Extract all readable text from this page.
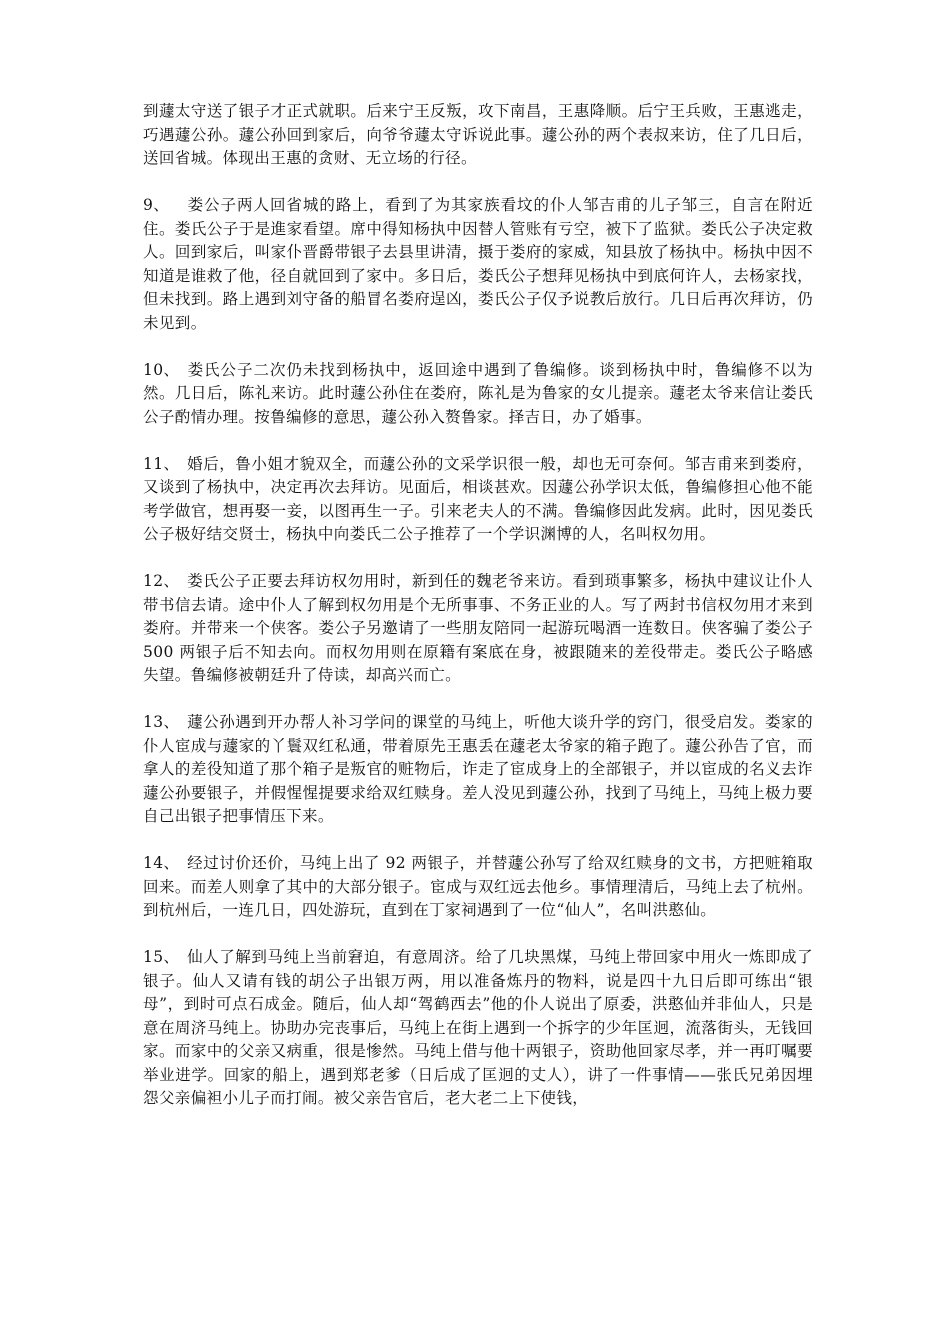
到蘧太守送了银子才正式就职。后来宁王反叛，攻下南昌，王惠降顺。后宁王兵败，王惠逃走，巧遇蘧公孙。蘧公孙回到家后，向爷爷蘧太守诉说此事。蘧公孙的两个表叔来访，住了几日后，送回省城。体现出王惠的贪财、无立场的行径。

9、 娄公子两人回省城的路上，看到了为其家族看坟的仆人邹吉甫的儿子邹三，自言在附近住。娄氏公子于是進家看望。席中得知杨执中因替人管账有亏空，被下了监狱。娄氏公子决定救人。回到家后，叫家仆晋爵带银子去县里讲清，摄于娄府的家威，知县放了杨执中。杨执中因不知道是谁救了他，径自就回到了家中。多日后，娄氏公子想拜见杨执中到底何许人，去杨家找，但未找到。路上遇到刘守备的船冒名娄府逞凶，娄氏公子仅予说教后放行。几日后再次拜访，仍未见到。

10、 娄氏公子二次仍未找到杨执中，返回途中遇到了鲁编修。谈到杨执中时，鲁编修不以为然。几日后，陈礼来访。此时蘧公孙住在娄府，陈礼是为鲁家的女儿提亲。蘧老太爷来信让娄氏公子酌情办理。按鲁编修的意思，蘧公孙入赘鲁家。择吉日，办了婚事。

11、 婚后，鲁小姐才貌双全，而蘧公孙的文采学识很一般，却也无可奈何。邹吉甫来到娄府，又谈到了杨执中，决定再次去拜访。见面后，相谈甚欢。因蘧公孙学识太低，鲁编修担心他不能考学做官，想再娶一妾，以图再生一子。引来老夫人的不满。鲁编修因此发病。此时，因见娄氏公子极好结交贤士，杨执中向娄氏二公子推荐了一个学识渊博的人，名叫权勿用。

12、 娄氏公子正要去拜访权勿用时，新到任的魏老爷来访。看到琐事繁多，杨执中建议让仆人带书信去请。途中仆人了解到权勿用是个无所事事、不务正业的人。写了两封书信权勿用才来到娄府。并带来一个侠客。娄公子另邀请了一些朋友陪同一起游玩喝酒一连数日。侠客骗了娄公子 500 两银子后不知去向。而权勿用则在原籍有案底在身，被跟随来的差役带走。娄氏公子略感失望。鲁编修被朝廷升了侍读，却高兴而亡。

13、 蘧公孙遇到开办帮人补习学问的课堂的马纯上，听他大谈升学的窍门，很受启发。娄家的仆人宦成与蘧家的丫鬟双红私通，带着原先王惠丢在蘧老太爷家的箱子跑了。蘧公孙告了官，而拿人的差役知道了那个箱子是叛官的赃物后，诈走了宦成身上的全部银子，并以宦成的名义去诈蘧公孙要银子，并假惺惺提要求给双红赎身。差人没见到蘧公孙，找到了马纯上，马纯上极力要自己出银子把事情压下来。

14、 经过讨价还价，马纯上出了 92 两银子，并替蘧公孙写了给双红赎身的文书，方把赃箱取回来。而差人则拿了其中的大部分银子。宦成与双红远去他乡。事情理清后，马纯上去了杭州。到杭州后，一连几日，四处游玩，直到在丁家祠遇到了一位“仙人”，名叫洪憨仙。

15、 仙人了解到马纯上当前窘迫，有意周济。给了几块黑煤，马纯上带回家中用火一炼即成了银子。仙人又请有钱的胡公子出银万两，用以准备炼丹的物料，说是四十九日后即可练出“银母”，到时可点石成金。随后，仙人却“驾鹤西去”他的仆人说出了原委，洪憨仙并非仙人，只是意在周济马纯上。协助办完丧事后，马纯上在街上遇到一个拆字的少年匡迥，流落街头，无钱回家。而家中的父亲又病重，很是惨然。马纯上借与他十两银子，资助他回家尽孝，并一再叮嘱要举业进学。回家的船上，遇到郑老爹（日后成了匡迥的丈人），讲了一件事情——张氏兄弟因埋怨父亲偏袒小儿子而打闹。被父亲告官后，老大老二上下使钱，
